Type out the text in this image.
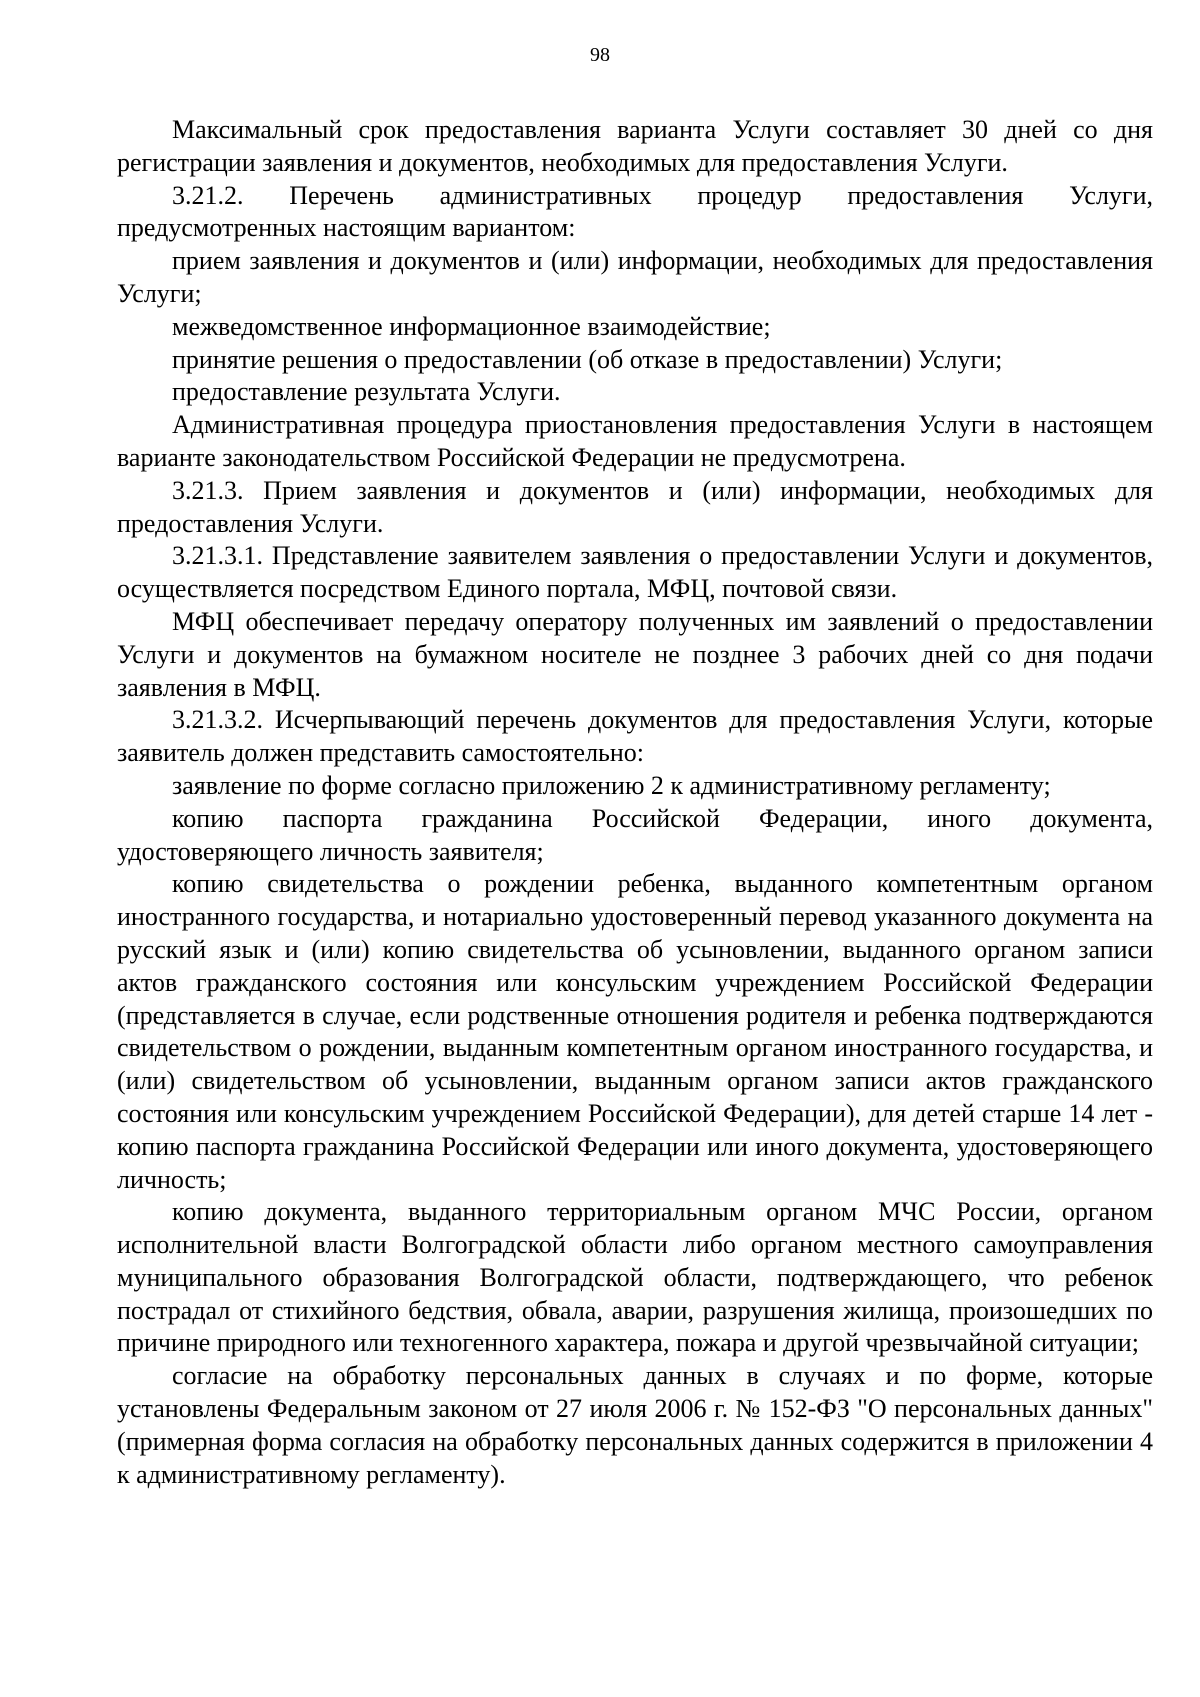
98

Максимальный срок предоставления варианта Услуги составляет 30 дней со дня регистрации заявления и документов, необходимых для предоставления Услуги.

3.21.2. Перечень административных процедур предоставления Услуги, предусмотренных настоящим вариантом:

прием заявления и документов и (или) информации, необходимых для предоставления Услуги;

межведомственное информационное взаимодействие;

принятие решения о предоставлении (об отказе в предоставлении) Услуги;

предоставление результата Услуги.

Административная процедура приостановления предоставления Услуги в настоящем варианте законодательством Российской Федерации не предусмотрена.

3.21.3. Прием заявления и документов и (или) информации, необходимых для предоставления Услуги.

3.21.3.1. Представление заявителем заявления о предоставлении Услуги и документов, осуществляется посредством Единого портала, МФЦ, почтовой связи.

МФЦ обеспечивает передачу оператору полученных им заявлений о предоставлении Услуги и документов на бумажном носителе не позднее 3 рабочих дней со дня подачи заявления в МФЦ.

3.21.3.2. Исчерпывающий перечень документов для предоставления Услуги, которые заявитель должен представить самостоятельно:

заявление по форме согласно приложению 2 к административному регламенту;

копию паспорта гражданина Российской Федерации, иного документа, удостоверяющего личность заявителя;

копию свидетельства о рождении ребенка, выданного компетентным органом иностранного государства, и нотариально удостоверенный перевод указанного документа на русский язык и (или) копию свидетельства об усыновлении, выданного органом записи актов гражданского состояния или консульским учреждением Российской Федерации (представляется в случае, если родственные отношения родителя и ребенка подтверждаются свидетельством о рождении, выданным компетентным органом иностранного государства, и (или) свидетельством об усыновлении, выданным органом записи актов гражданского состояния или консульским учреждением Российской Федерации), для детей старше 14 лет - копию паспорта гражданина Российской Федерации или иного документа, удостоверяющего личность;

копию документа, выданного территориальным органом МЧС России, органом исполнительной власти Волгоградской области либо органом местного самоуправления муниципального образования Волгоградской области, подтверждающего, что ребенок пострадал от стихийного бедствия, обвала, аварии, разрушения жилища, произошедших по причине природного или техногенного характера, пожара и другой чрезвычайной ситуации;

согласие на обработку персональных данных в случаях и по форме, которые установлены Федеральным законом от 27 июля 2006 г. № 152-ФЗ "О персональных данных" (примерная форма согласия на обработку персональных данных содержится в приложении 4 к административному регламенту).
